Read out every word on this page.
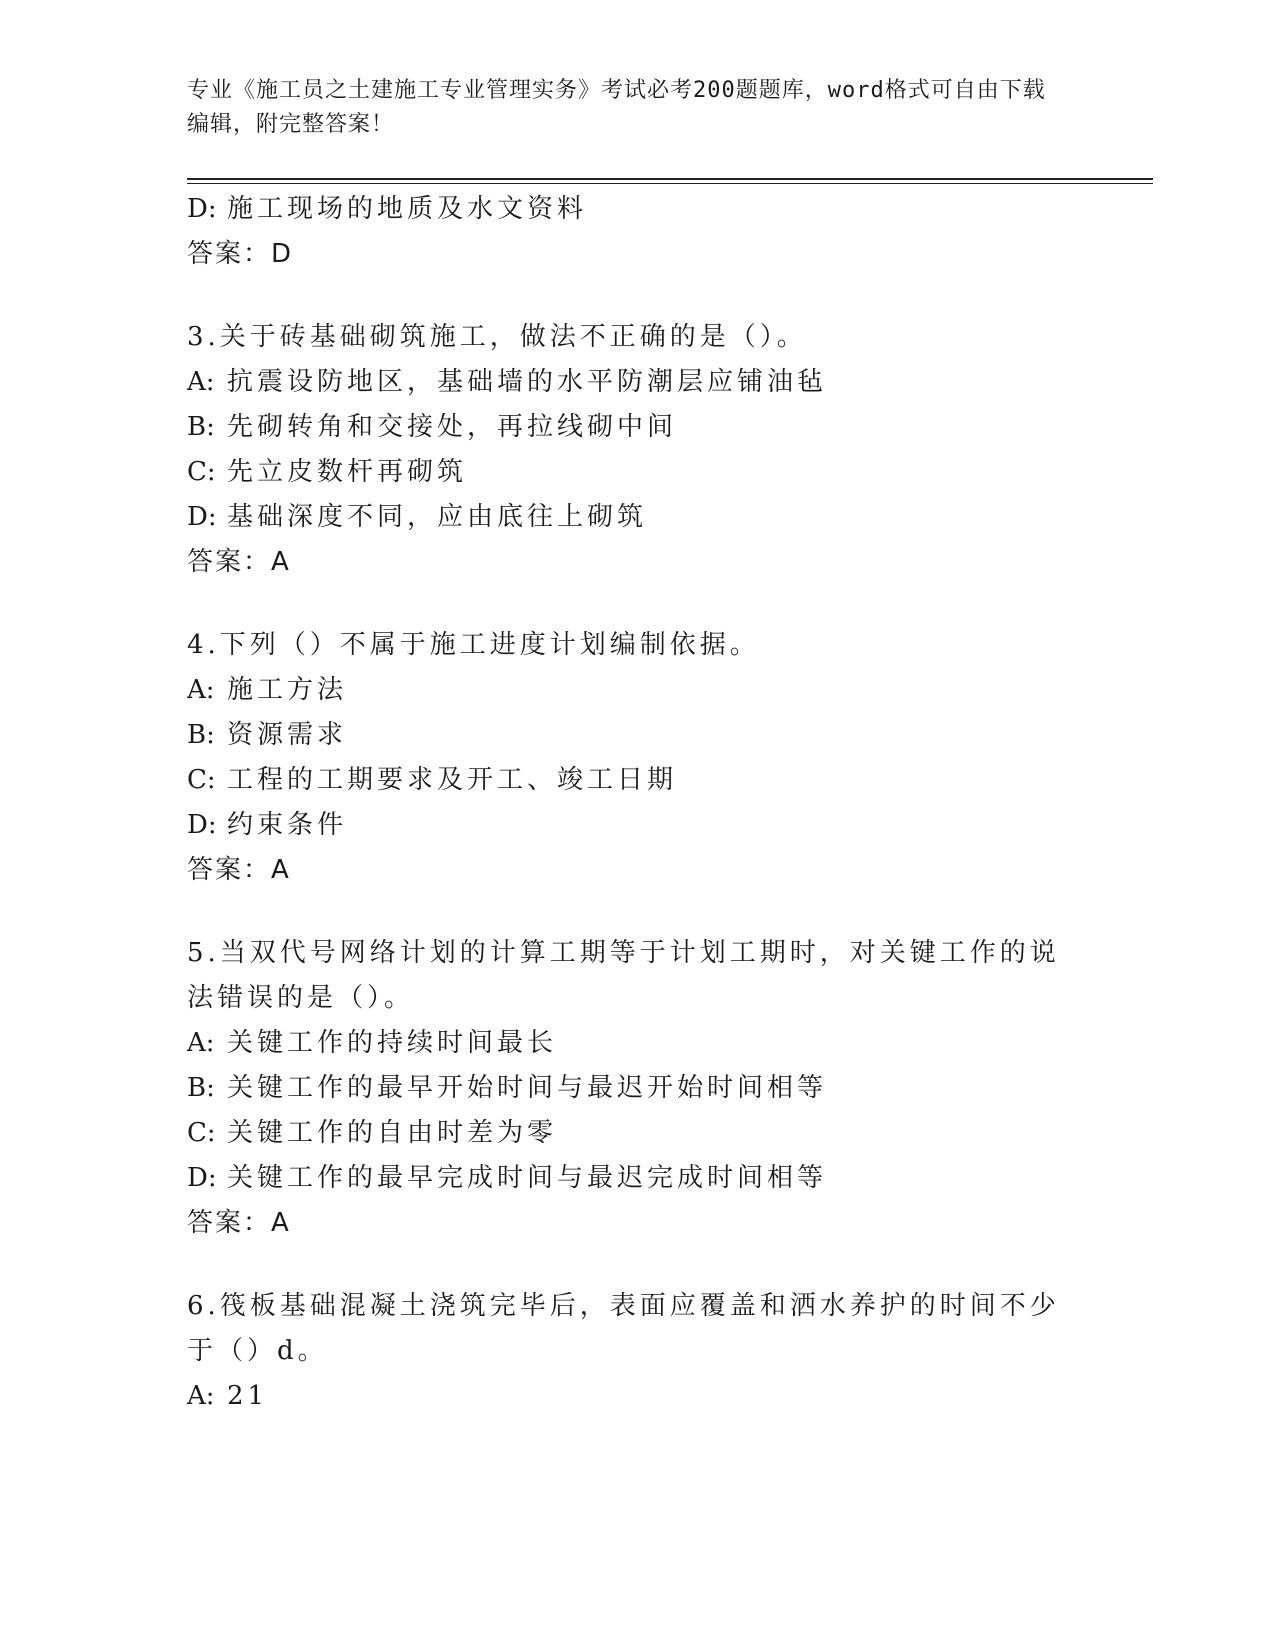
专业《施工员之土建施工专业管理实务》考试必考200题题库，word格式可自由下载编辑，附完整答案！
D: 施工现场的地质及水文资料
答案：D
3.关于砖基础砌筑施工，做法不正确的是（）。
A: 抗震设防地区，基础墙的水平防潮层应铺油毡
B: 先砌转角和交接处，再拉线砌中间
C: 先立皮数杆再砌筑
D: 基础深度不同，应由底往上砌筑
答案：A
4.下列（）不属于施工进度计划编制依据。
A: 施工方法
B: 资源需求
C: 工程的工期要求及开工、竣工日期
D: 约束条件
答案：A
5.当双代号网络计划的计算工期等于计划工期时，对关键工作的说法错误的是（）。
A: 关键工作的持续时间最长
B: 关键工作的最早开始时间与最迟开始时间相等
C: 关键工作的自由时差为零
D: 关键工作的最早完成时间与最迟完成时间相等
答案：A
6.筏板基础混凝土浇筑完毕后，表面应覆盖和洒水养护的时间不少于（）d。
A: 21
